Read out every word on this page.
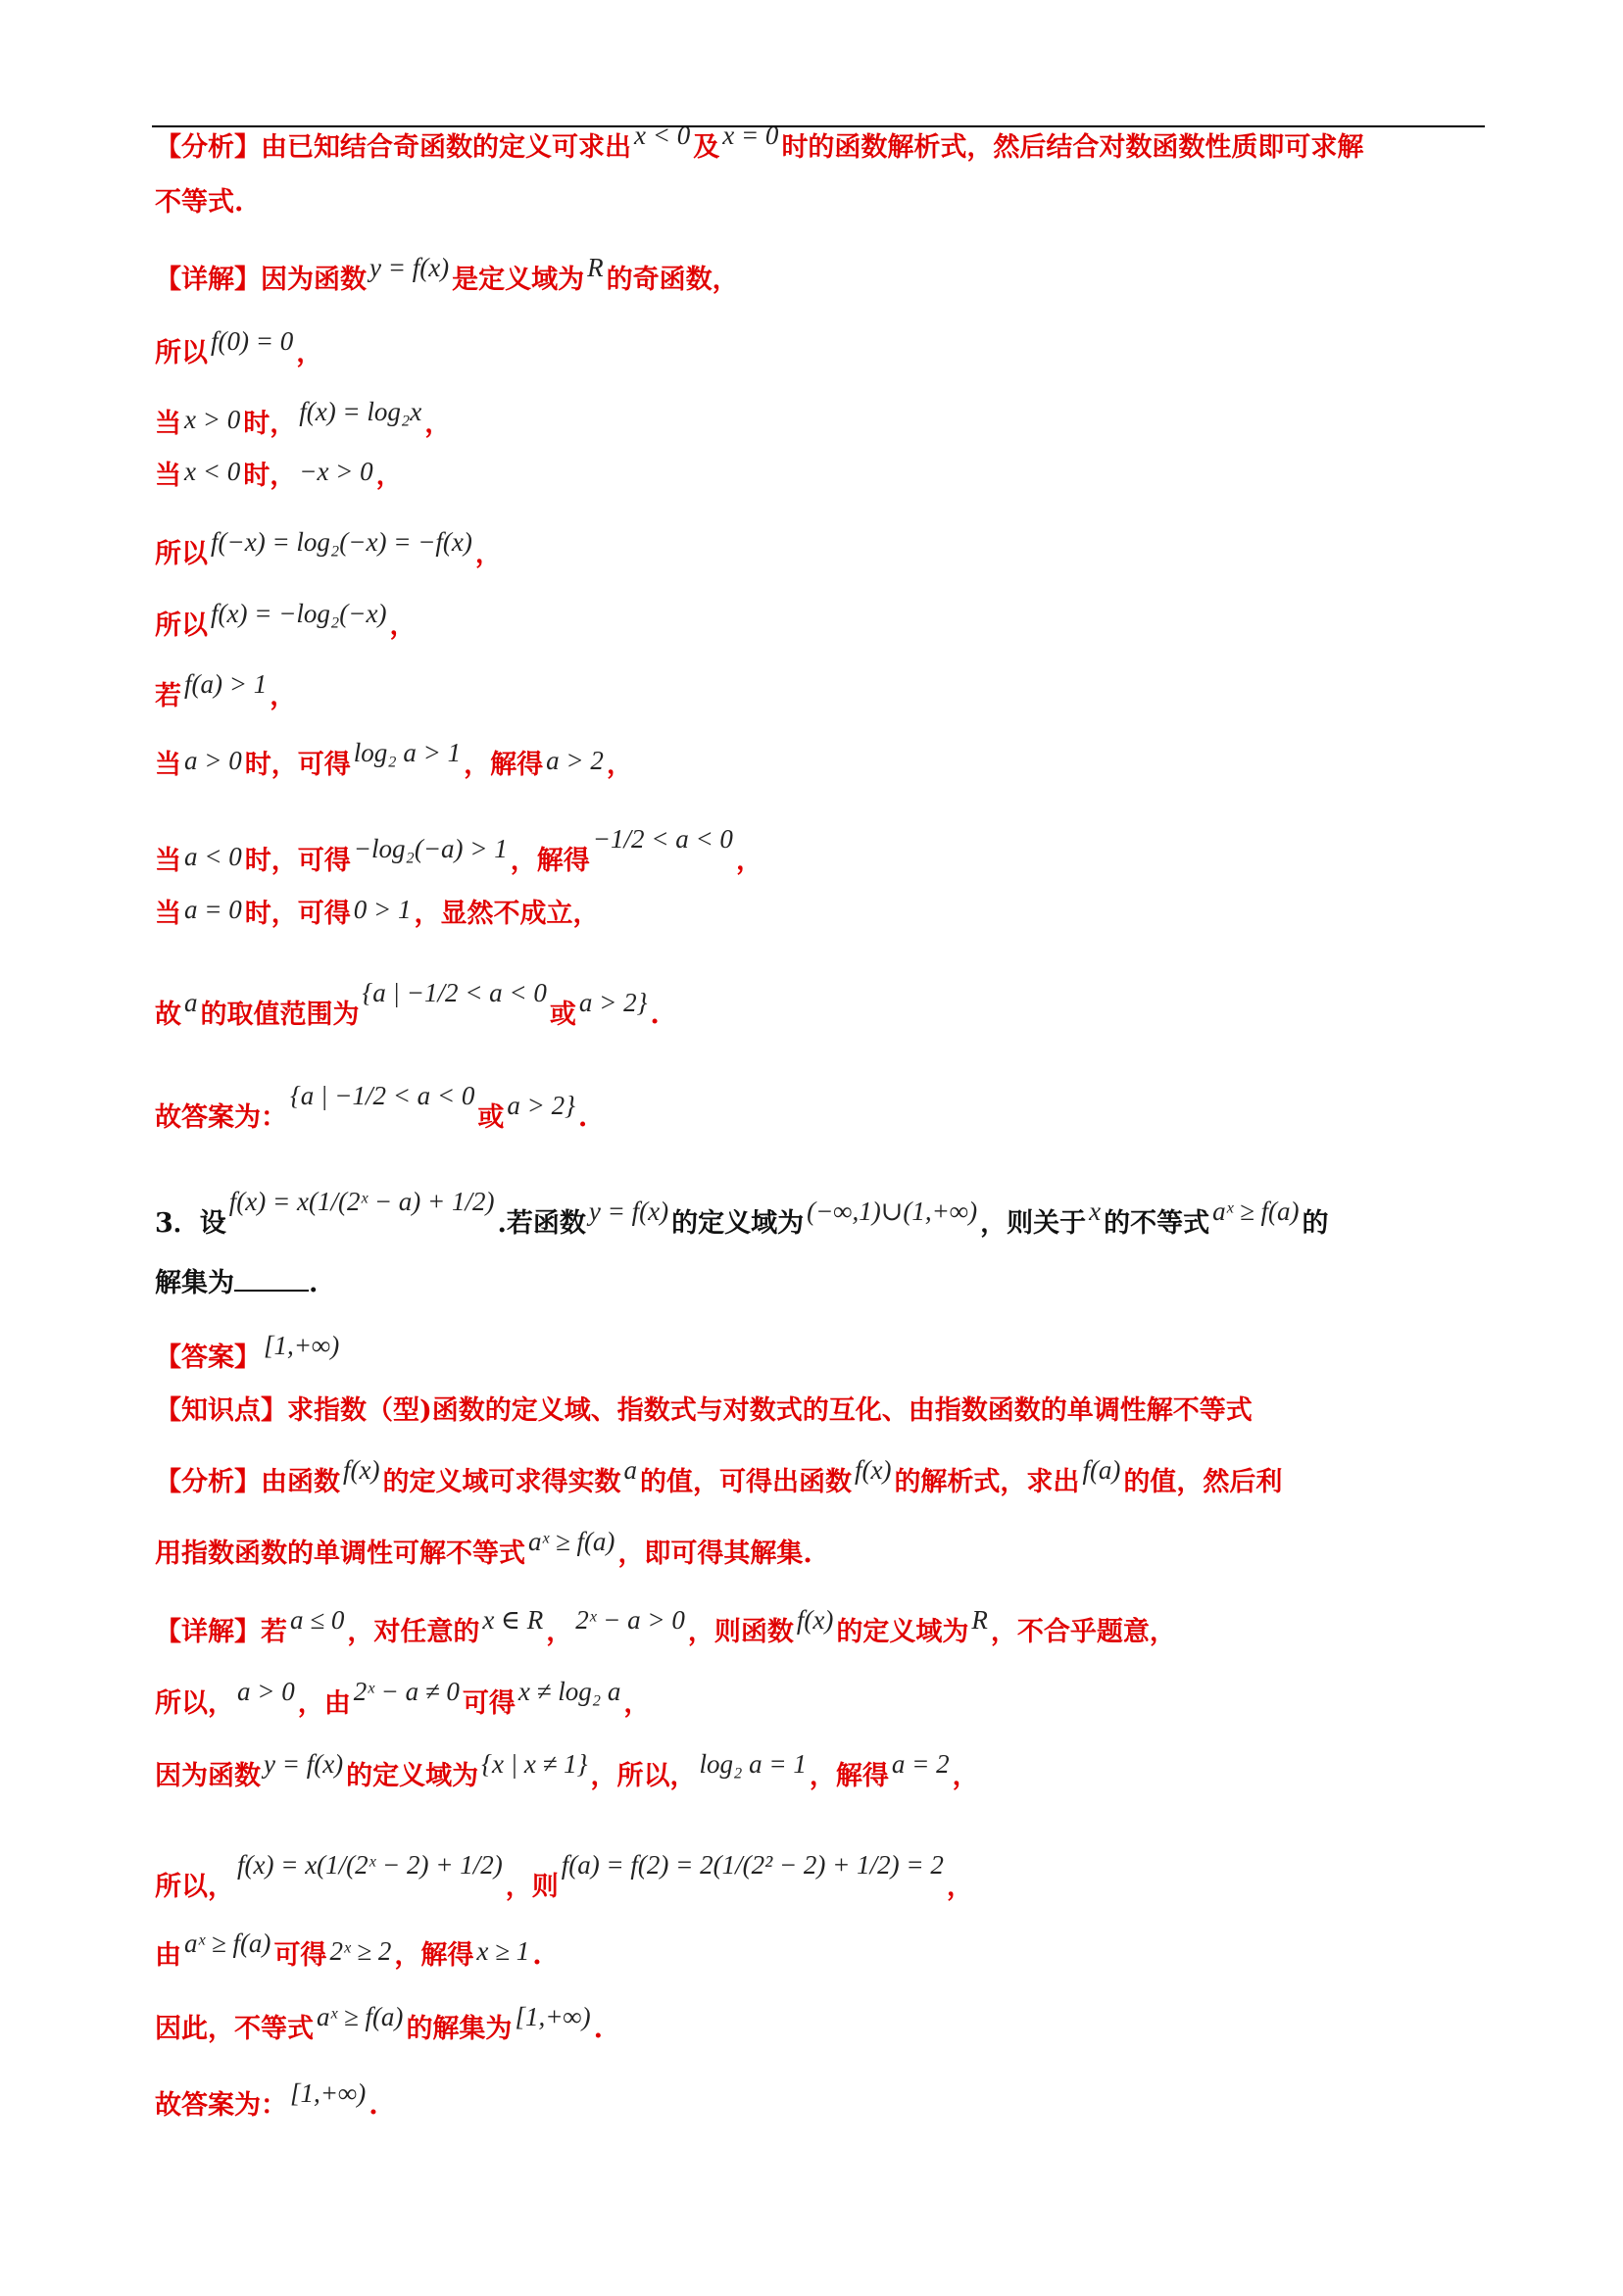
【分析】由已知结合奇函数的定义可求出 x < 0 及 x = 0 时的函数解析式，然后结合对数函数性质即可求解
不等式.
【详解】因为函数 y = f(x) 是定义域为 R 的奇函数，
所以 f(0) = 0 ，
当 x > 0 时， f(x) = log₂x ，
当 x < 0 时， −x > 0 ，
所以 f(−x) = log₂(−x) = −f(x) ，
所以 f(x) = −log₂(−x) ，
若 f(a) > 1 ，
当 a > 0 时，可得 log₂ a > 1 ，解得 a > 2 ，
当 a < 0 时，可得 −log₂(−a) > 1 ，解得−1/2 < a < 0，
当 a = 0 时，可得 0 > 1 ，显然不成立，
故 a 的取值范围为{a | −1/2 < a < 0或 a > 2} .
故答案为：{a | −1/2 < a < 0或 a > 2} .
3．设f(x) = x(1/(2ˣ − a) + 1/2).若函数 y = f(x) 的定义域为 (−∞,1)∪(1,+∞) ，则关于 x 的不等式 aˣ ≥ f(a) 的
解集为	.
【答案】 [1,+∞)
【知识点】求指数（型)函数的定义域、指数式与对数式的互化、由指数函数的单调性解不等式
【分析】由函数 f(x) 的定义域可求得实数 a 的值，可得出函数 f(x) 的解析式，求出 f(a) 的值，然后利
用指数函数的单调性可解不等式 aˣ ≥ f(a) ，即可得其解集.
【详解】若 a ≤ 0 ，对任意的 x ∈ R ， 2ˣ − a > 0 ，则函数 f(x) 的定义域为 R ，不合乎题意，
所以， a > 0 ，由 2ˣ − a ≠ 0 可得 x ≠ log₂ a ，
因为函数 y = f(x) 的定义域为 {x | x ≠ 1} ，所以， log₂ a = 1 ，解得 a = 2 ，
所以，f(x) = x(1/(2ˣ − 2) + 1/2)，则f(a) = f(2) = 2(1/(2² − 2) + 1/2) = 2，
由 aˣ ≥ f(a) 可得 2ˣ ≥ 2 ，解得 x ≥ 1 .
因此，不等式 aˣ ≥ f(a) 的解集为 [1,+∞) .
故答案为： [1,+∞) .
